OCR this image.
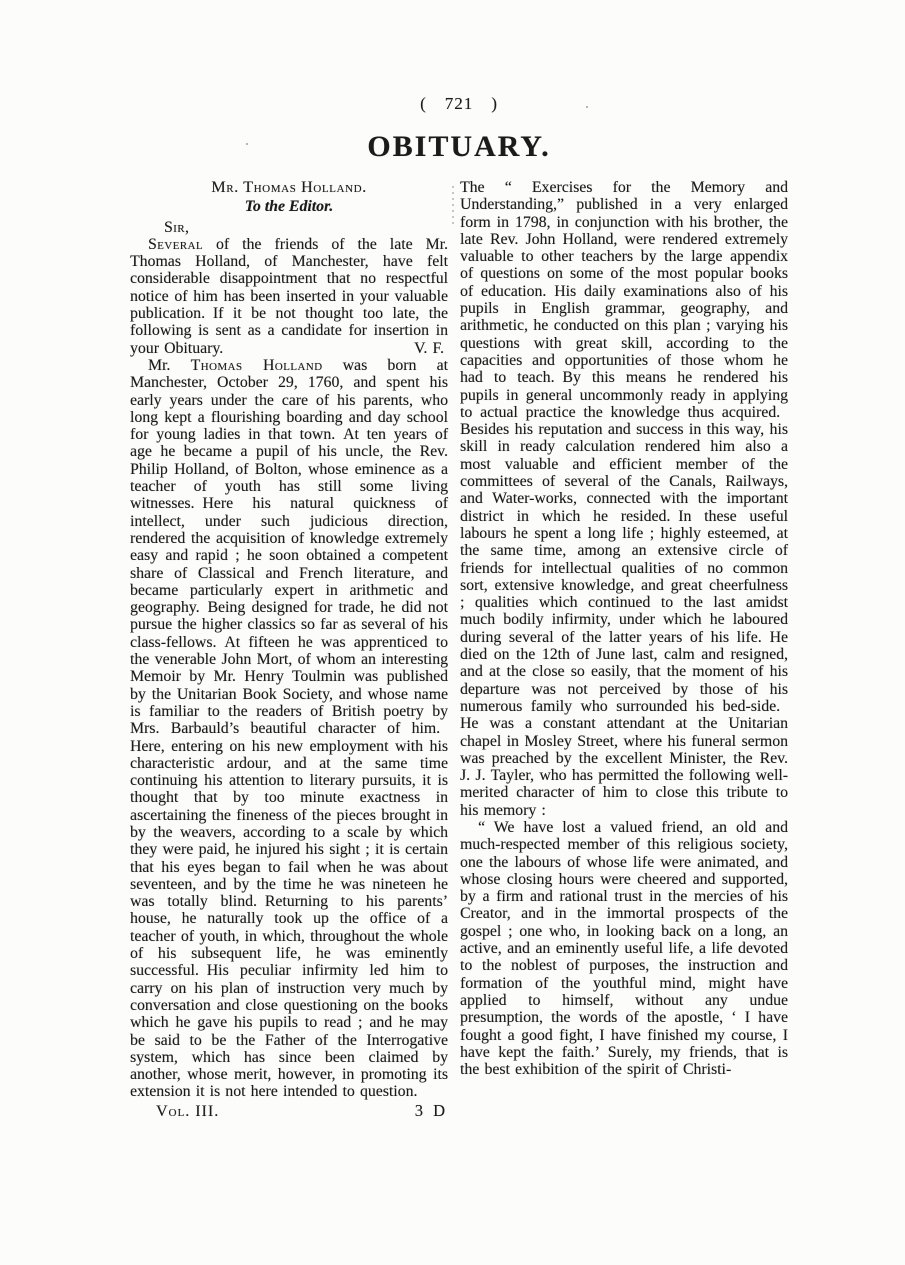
( 721 )
OBITUARY.
Mr. Thomas Holland.
To the Editor.
Sir,

Several of the friends of the late Mr. Thomas Holland, of Manchester, have felt considerable disappointment that no respectful notice of him has been inserted in your valuable publication. If it be not thought too late, the following is sent as a candidate for insertion in your Obituary.	V. F.

Mr. Thomas Holland was born at Manchester, October 29, 1760, and spent his early years under the care of his parents, who long kept a flourishing boarding and day school for young ladies in that town. At ten years of age he became a pupil of his uncle, the Rev. Philip Holland, of Bolton, whose eminence as a teacher of youth has still some living witnesses. Here his natural quickness of intellect, under such judicious direction, rendered the acquisition of knowledge extremely easy and rapid ; he soon obtained a competent share of Classical and French literature, and became particularly expert in arithmetic and geography. Being designed for trade, he did not pursue the higher classics so far as several of his class-fellows. At fifteen he was apprenticed to the venerable John Mort, of whom an interesting Memoir by Mr. Henry Toulmin was published by the Unitarian Book Society, and whose name is familiar to the readers of British poetry by Mrs. Barbauld’s beautiful character of him. Here, entering on his new employment with his characteristic ardour, and at the same time continuing his attention to literary pursuits, it is thought that by too minute exactness in ascertaining the fineness of the pieces brought in by the weavers, according to a scale by which they were paid, he injured his sight ; it is certain that his eyes began to fail when he was about seventeen, and by the time he was nineteen he was totally blind. Returning to his parents’ house, he naturally took up the office of a teacher of youth, in which, throughout the whole of his subsequent life, he was eminently successful. His peculiar infirmity led him to carry on his plan of instruction very much by conversation and close questioning on the books which he gave his pupils to read ; and he may be said to be the Father of the Interrogative system, which has since been claimed by another, whose merit, however, in promoting its extension it is not here intended to question.

Vol. III.	3 D

The “ Exercises for the Memory and Understanding,” published in a very enlarged form in 1798, in conjunction with his brother, the late Rev. John Holland, were rendered extremely valuable to other teachers by the large appendix of questions on some of the most popular books of education. His daily examinations also of his pupils in English grammar, geography, and arithmetic, he conducted on this plan ; varying his questions with great skill, according to the capacities and opportunities of those whom he had to teach. By this means he rendered his pupils in general uncommonly ready in applying to actual practice the knowledge thus acquired. Besides his reputation and success in this way, his skill in ready calculation rendered him also a most valuable and efficient member of the committees of several of the Canals, Railways, and Water-works, connected with the important district in which he resided. In these useful labours he spent a long life ; highly esteemed, at the same time, among an extensive circle of friends for intellectual qualities of no common sort, extensive knowledge, and great cheerfulness ; qualities which continued to the last amidst much bodily infirmity, under which he laboured during several of the latter years of his life. He died on the 12th of June last, calm and resigned, and at the close so easily, that the moment of his departure was not perceived by those of his numerous family who surrounded his bed-side. He was a constant attendant at the Unitarian chapel in Mosley Street, where his funeral sermon was preached by the excellent Minister, the Rev. J. J. Tayler, who has permitted the following well-merited character of him to close this tribute to his memory :

“ We have lost a valued friend, an old and much-respected member of this religious society, one the labours of whose life were animated, and whose closing hours were cheered and supported, by a firm and rational trust in the mercies of his Creator, and in the immortal prospects of the gospel ; one who, in looking back on a long, an active, and an eminently useful life, a life devoted to the noblest of purposes, the instruction and formation of the youthful mind, might have applied to himself, without any undue presumption, the words of the apostle, ‘ I have fought a good fight, I have finished my course, I have kept the faith.’ Surely, my friends, that is the best exhibition of the spirit of Christi-
